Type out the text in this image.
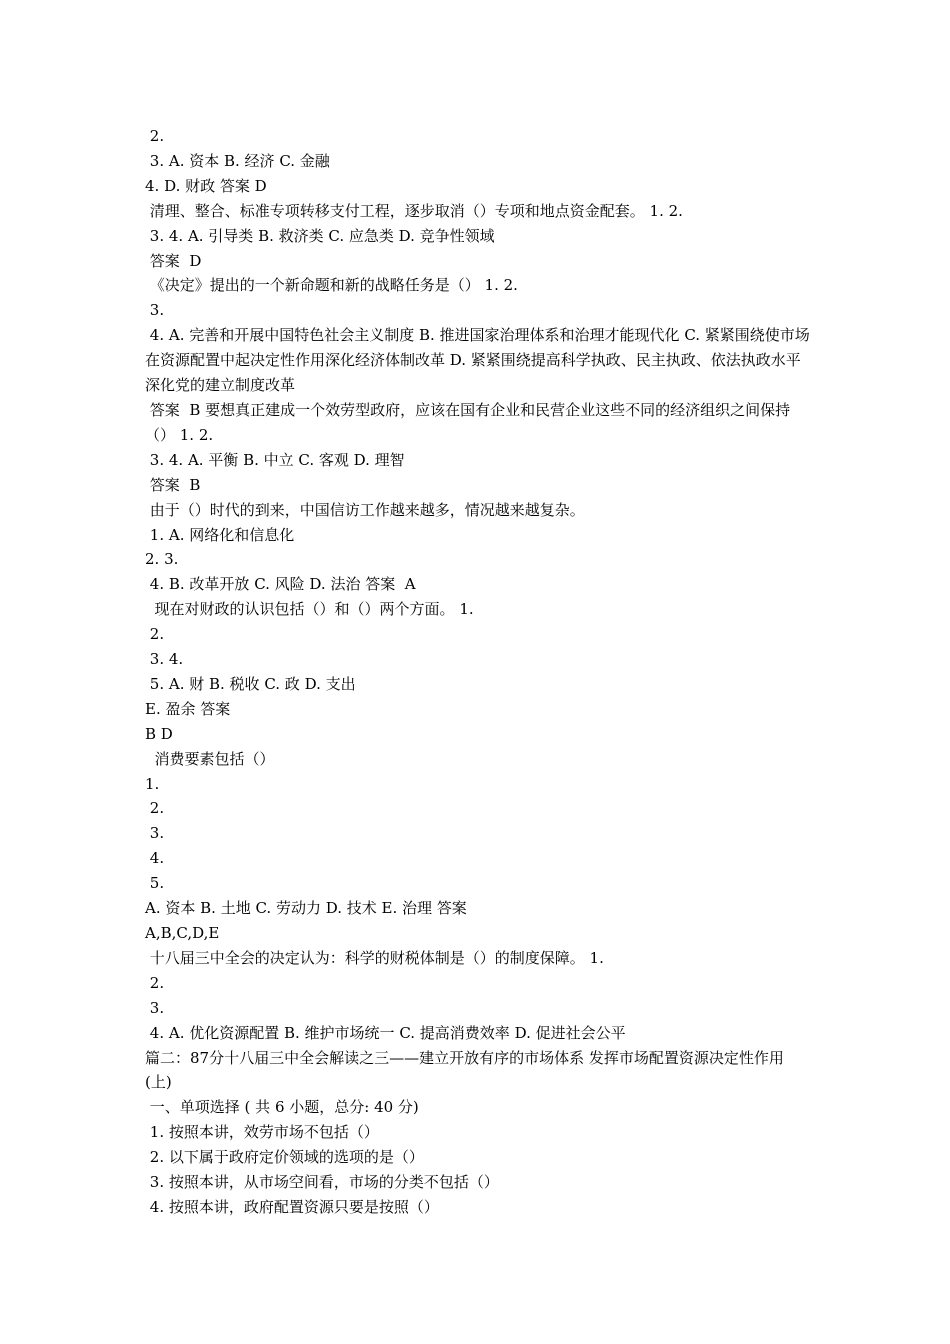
2.
3. A. 资本 B. 经济 C. 金融
4. D. 财政 答案 D
清理、整合、标准专项转移支付工程，逐步取消（）专项和地点资金配套。 1. 2.
3. 4. A. 引导类 B. 救济类 C. 应急类 D. 竞争性领域
答案  D
《决定》提出的一个新命题和新的战略任务是（） 1. 2.
3.
4. A. 完善和开展中国特色社会主义制度 B. 推进国家治理体系和治理才能现代化 C. 紧紧围绕使市场在资源配置中起决定性作用深化经济体制改革 D. 紧紧围绕提高科学执政、民主执政、依法执政水平深化党的建立制度改革
答案  B 要想真正建成一个效劳型政府，应该在国有企业和民营企业这些不同的经济组织之间保持（） 1. 2.
3. 4. A. 平衡 B. 中立 C. 客观 D. 理智
答案  B
由于（）时代的到来，中国信访工作越来越多，情况越来越复杂。
1. A. 网络化和信息化
2. 3.
4. B. 改革开放 C. 风险 D. 法治 答案  A
现在对财政的认识包括（）和（）两个方面。 1.
2.
3. 4.
5. A. 财 B. 税收 C. 政 D. 支出
E. 盈余 答案
B D
消费要素包括（）
1.
2.
3.
4.
5.
A. 资本 B. 土地 C. 劳动力 D. 技术 E. 治理 答案
A,B,C,D,E
十八届三中全会的决定认为：科学的财税体制是（）的制度保障。 1.
2.
3.
4. A. 优化资源配置 B. 维护市场统一 C. 提高消费效率 D. 促进社会公平
篇二：87分十八届三中全会解读之三——建立开放有序的市场体系 发挥市场配置资源决定性作用(上)
一、单项选择 ( 共 6 小题，总分: 40 分)
1. 按照本讲，效劳市场不包括（）
2. 以下属于政府定价领域的选项的是（）
3. 按照本讲，从市场空间看，市场的分类不包括（）
4. 按照本讲，政府配置资源只要是按照（）
